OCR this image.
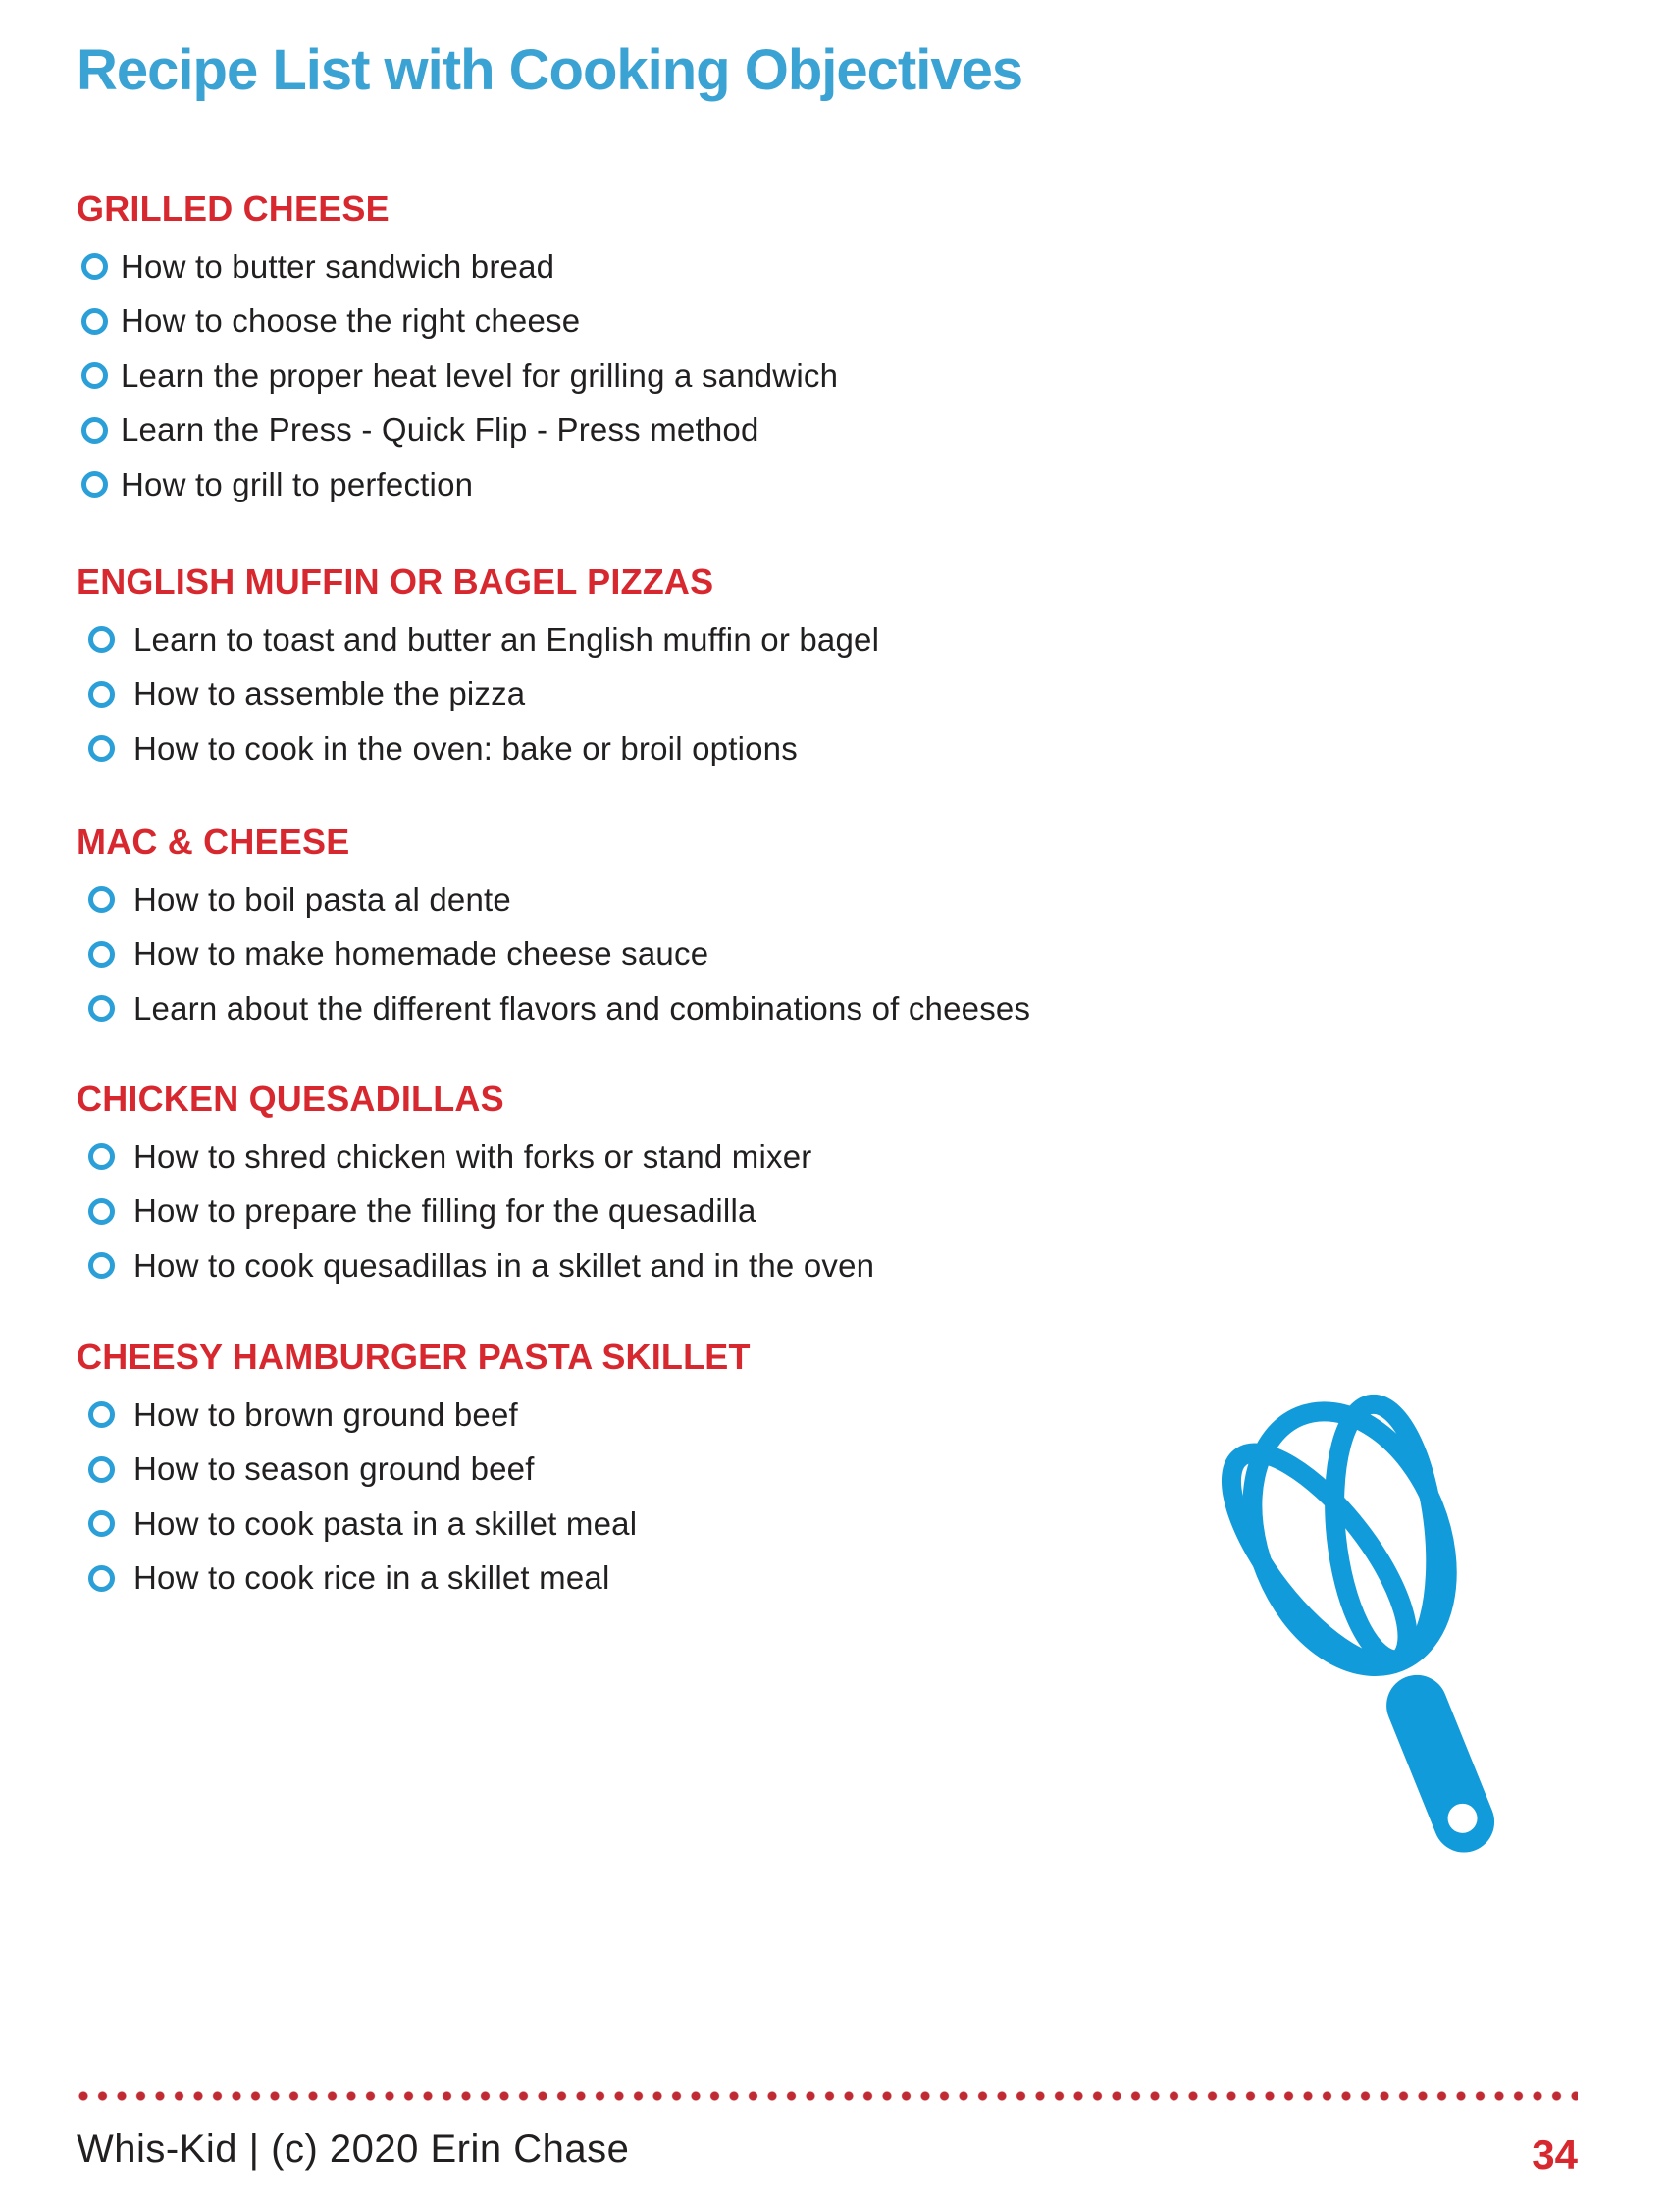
Recipe List with Cooking Objectives
GRILLED CHEESE
How to butter sandwich bread
How to choose the right cheese
Learn the proper heat level for grilling a sandwich
Learn the Press - Quick Flip - Press method
How to grill to perfection
ENGLISH MUFFIN OR BAGEL PIZZAS
Learn to toast and butter an English muffin or bagel
How to assemble the pizza
How to cook in the oven: bake or broil options
MAC & CHEESE
How to boil pasta al dente
How to make homemade cheese sauce
Learn about the different flavors and combinations of cheeses
CHICKEN QUESADILLAS
How to shred chicken with forks or stand mixer
How to prepare the filling for the quesadilla
How to cook quesadillas in a skillet and in the oven
CHEESY HAMBURGER PASTA SKILLET
How to brown ground beef
How to season ground beef
How to cook pasta in a skillet meal
How to cook rice in a skillet meal
Whis-Kid | (c) 2020 Erin Chase	34
